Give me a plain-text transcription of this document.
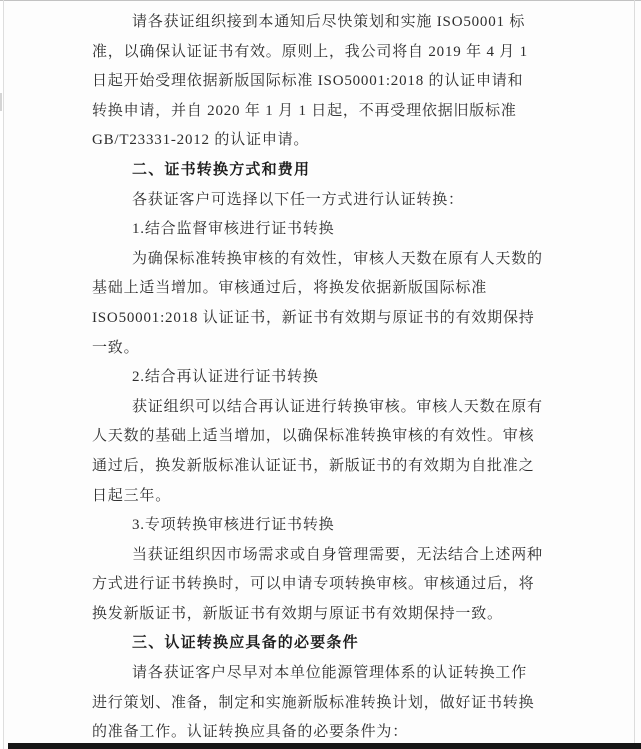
请各获证组织接到本通知后尽快策划和实施 ISO50001 标
准，以确保认证证书有效。原则上，我公司将自 2019 年 4 月 1
日起开始受理依据新版国际标准 ISO50001:2018 的认证申请和
转换申请，并自 2020 年 1 月 1 日起，不再受理依据旧版标准
GB/T23331-2012 的认证申请。
二、证书转换方式和费用
各获证客户可选择以下任一方式进行认证转换：
1.结合监督审核进行证书转换
为确保标准转换审核的有效性，审核人天数在原有人天数的
基础上适当增加。审核通过后，将换发依据新版国际标准
ISO50001:2018 认证证书，新证书有效期与原证书的有效期保持
一致。
2.结合再认证进行证书转换
获证组织可以结合再认证进行转换审核。审核人天数在原有
人天数的基础上适当增加，以确保标准转换审核的有效性。审核
通过后，换发新版标准认证证书，新版证书的有效期为自批准之
日起三年。
3.专项转换审核进行证书转换
当获证组织因市场需求或自身管理需要，无法结合上述两种
方式进行证书转换时，可以申请专项转换审核。审核通过后，将
换发新版证书，新版证书有效期与原证书有效期保持一致。
三、认证转换应具备的必要条件
请各获证客户尽早对本单位能源管理体系的认证转换工作
进行策划、准备，制定和实施新版标准转换计划，做好证书转换
的准备工作。认证转换应具备的必要条件为：
